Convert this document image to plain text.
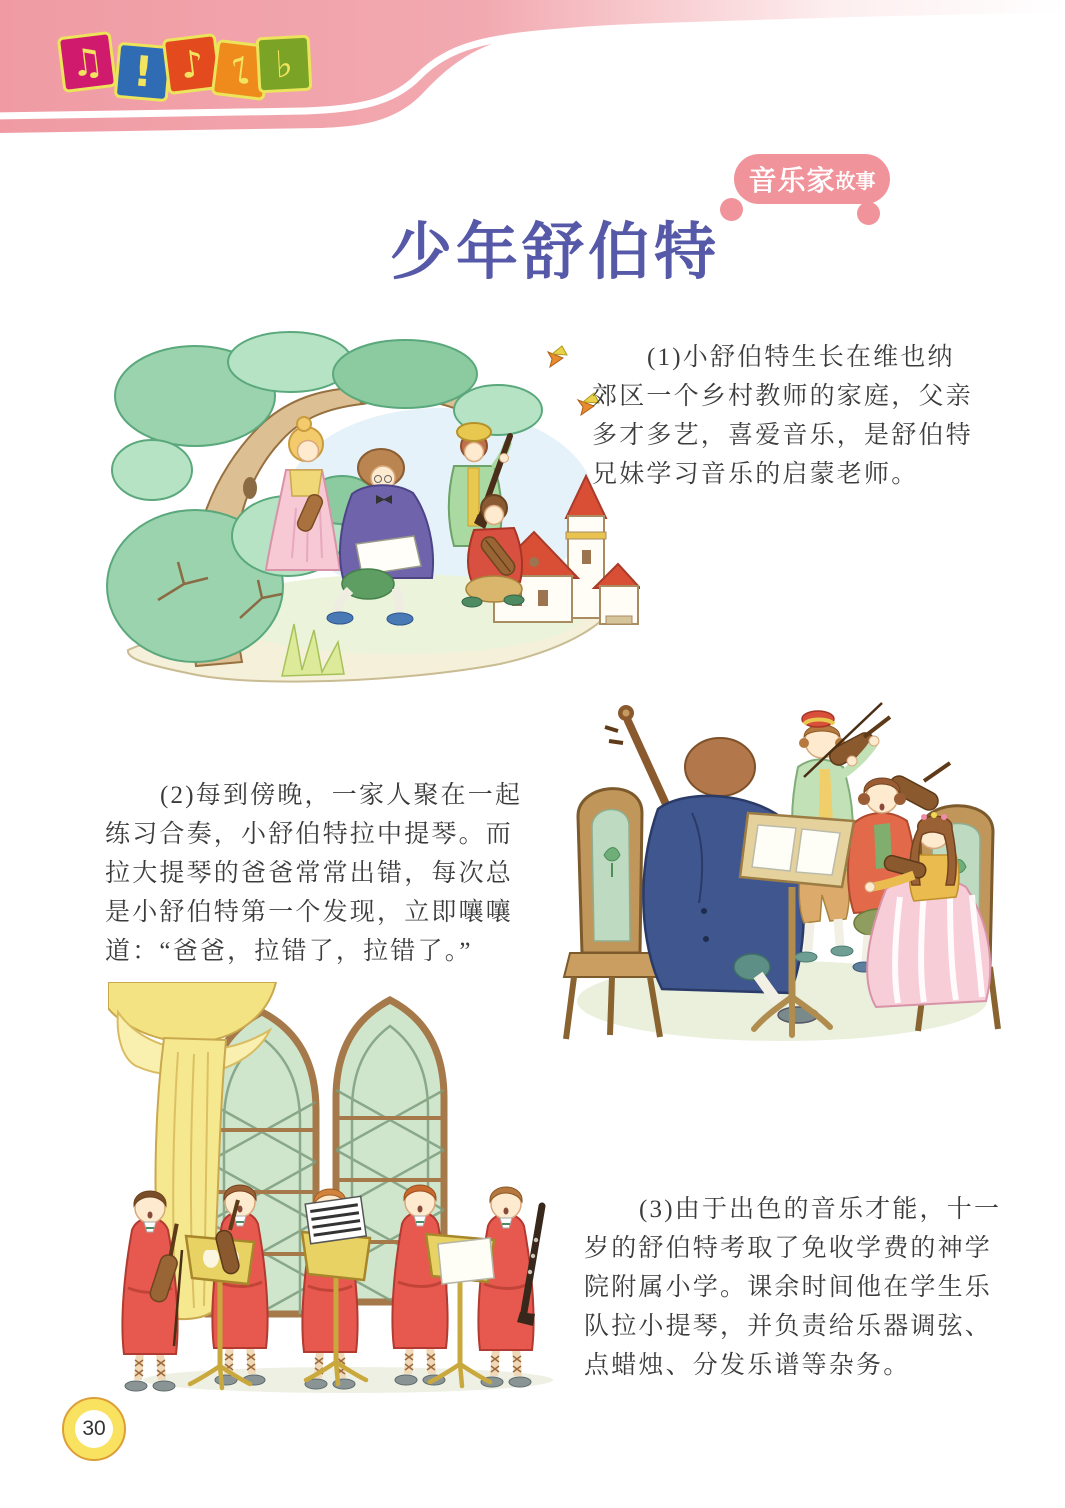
♫ ! ♪ ♪ ♭
音乐家 故事
少年舒伯特
(1)小舒伯特生长在维也纳
郊区一个乡村教师的家庭，父亲
多才多艺，喜爱音乐，是舒伯特
兄妹学习音乐的启蒙老师。
(2)每到傍晚，一家人聚在一起
练习合奏，小舒伯特拉中提琴。而
拉大提琴的爸爸常常出错，每次总
是小舒伯特第一个发现，立即嚷嚷
道：“爸爸，拉错了，拉错了。”
(3)由于出色的音乐才能，十一
岁的舒伯特考取了免收学费的神学
院附属小学。课余时间他在学生乐
队拉小提琴，并负责给乐器调弦、
点蜡烛、分发乐谱等杂务。
30
